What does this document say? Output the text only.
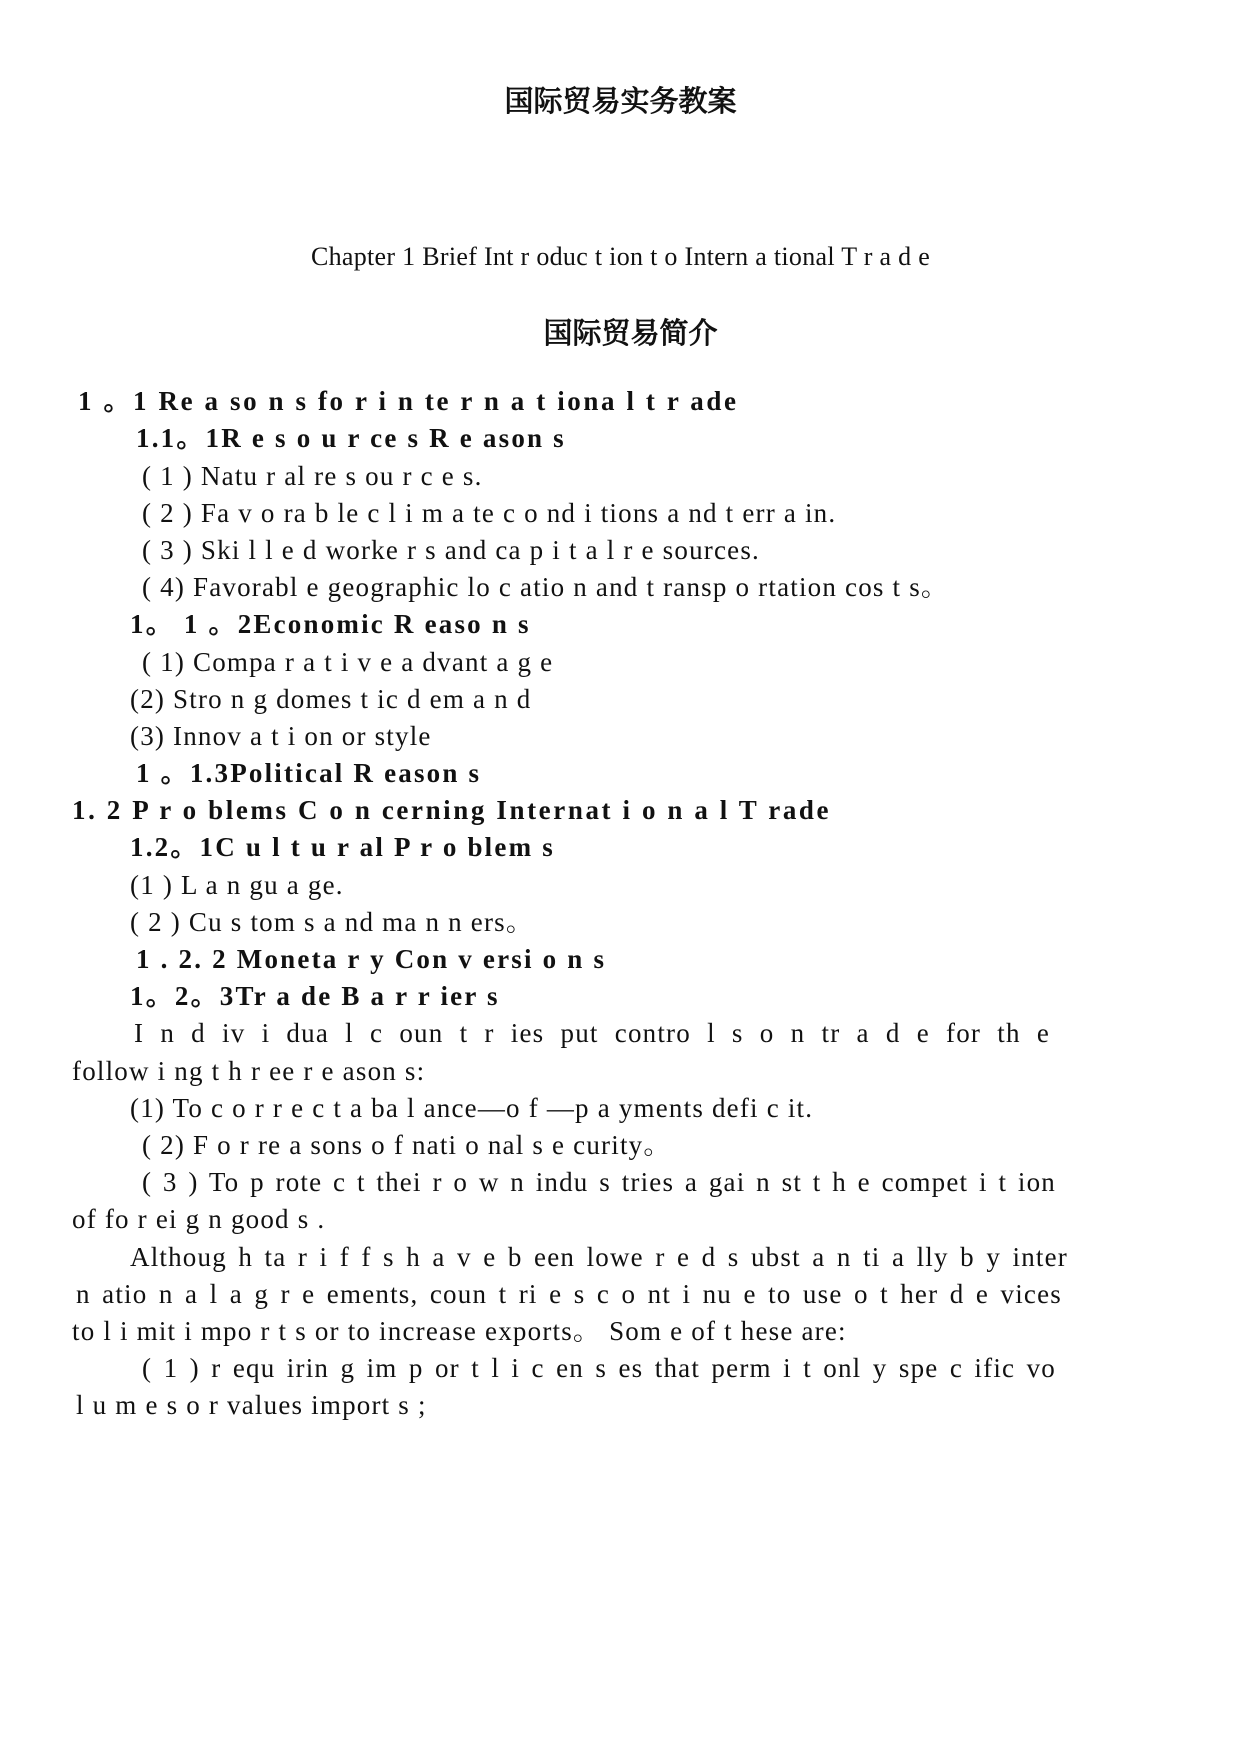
国际贸易实务教案
Chapter 1 Brief Int r oduc t ion t o Intern a tional T r a d e
国际贸易简介
1 。1 Re a so n s fo r i n te r n a t iona l t r ade
1.1。1R e s o u r ce s R e ason s
( 1 ) Natu r al re s ou r c e s.
( 2 ) Fa v o ra b le c l i m a te c o nd i tions a nd t err a in.
( 3 ) Ski l l e d worke r s and ca p i t a l r e sources.
( 4) Favorabl e geographic lo c atio n and t ransp o rtation cos t s。
1。 1 。2Economic R easo n s
( 1) Compa r a t i v e a dvant a g e
(2) Stro n g domes t ic d em a n d
(3) Innov a t i on or style
1 。1.3Political R eason s
1. 2 P r o blems C o n cerning Internat i o n a l T rade
1.2。1C u l t u r al P r o blem s
(1 ) L a n gu a ge.
( 2 ) Cu s tom s a nd ma n n ers。
1 . 2. 2 Moneta r y Con v ersi o n s
1。2。3Tr a de B a r r ier s
I n d iv i dua l c oun t r ies put contro l s o n tr a d e for th e
follow i ng t h r ee r e ason s:
(1) To c o r r e c t a ba l ance—o f —p a yments defi c it.
( 2) F o r re a sons o f nati o nal s e curity。
( 3 ) To p rote c t thei r o w n indu s tries a gai n st t h e compet i t ion
of fo r ei g n good s .
Althoug h ta r i f f s h a v e b een lowe r e d s ubst a n ti a lly b y inter
n atio n a l a g r e ements, coun t ri e s c o nt i nu e to use o t her d e vices
to l i mit i mpo r t s or to increase exports。 Som e of t hese are:
( 1 ) r equ irin g im p or t l i c en s es that perm i t onl y spe c ific vo
l u m e s o r values import s ;
